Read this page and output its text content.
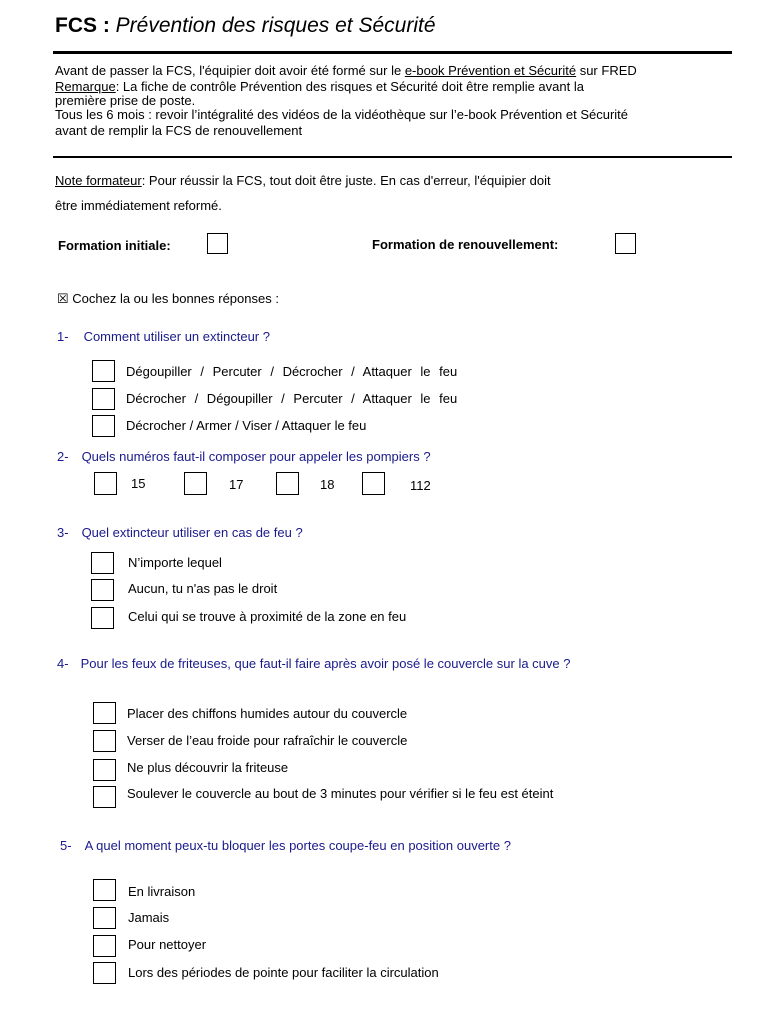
FCS : Prévention des risques et Sécurité

Avant de passer la FCS, l'équipier doit avoir été formé sur le e-book Prévention et Sécurité sur FRED

Remarque: La fiche de contrôle Prévention des risques et Sécurité doit être remplie avant la

première prise de poste.

Tous les 6 mois : revoir l’intégralité des vidéos de la vidéothèque sur l’e-book Prévention et Sécurité

avant de remplir la FCS de renouvellement

Note formateur: Pour réussir la FCS, tout doit être juste. En cas d'erreur, l'équipier doit

être immédiatement reformé.

Formation initiale:	Formation de renouvellement:
☒ Cochez la ou les bonnes réponses :
1- Comment utiliser un extincteur ?
Dégoupiller / Percuter / Décrocher / Attaquer le feu
Décrocher / Dégoupiller / Percuter / Attaquer le feu
Décrocher / Armer / Viser / Attaquer le feu
2- Quels numéros faut-il composer pour appeler les pompiers ?
15	17	18	112
3- Quel extincteur utiliser en cas de feu ?
N’importe lequel
Aucun, tu n'as pas le droit
Celui qui se trouve à proximité de la zone en feu
4- Pour les feux de friteuses, que faut-il faire après avoir posé le couvercle sur la cuve ?
Placer des chiffons humides autour du couvercle
Verser de l’eau froide pour rafraîchir le couvercle
Ne plus découvrir la friteuse
Soulever le couvercle au bout de 3 minutes pour vérifier si le feu est éteint
5- A quel moment peux-tu bloquer les portes coupe-feu en position ouverte ?
En livraison
Jamais
Pour nettoyer
Lors des périodes de pointe pour faciliter la circulation
